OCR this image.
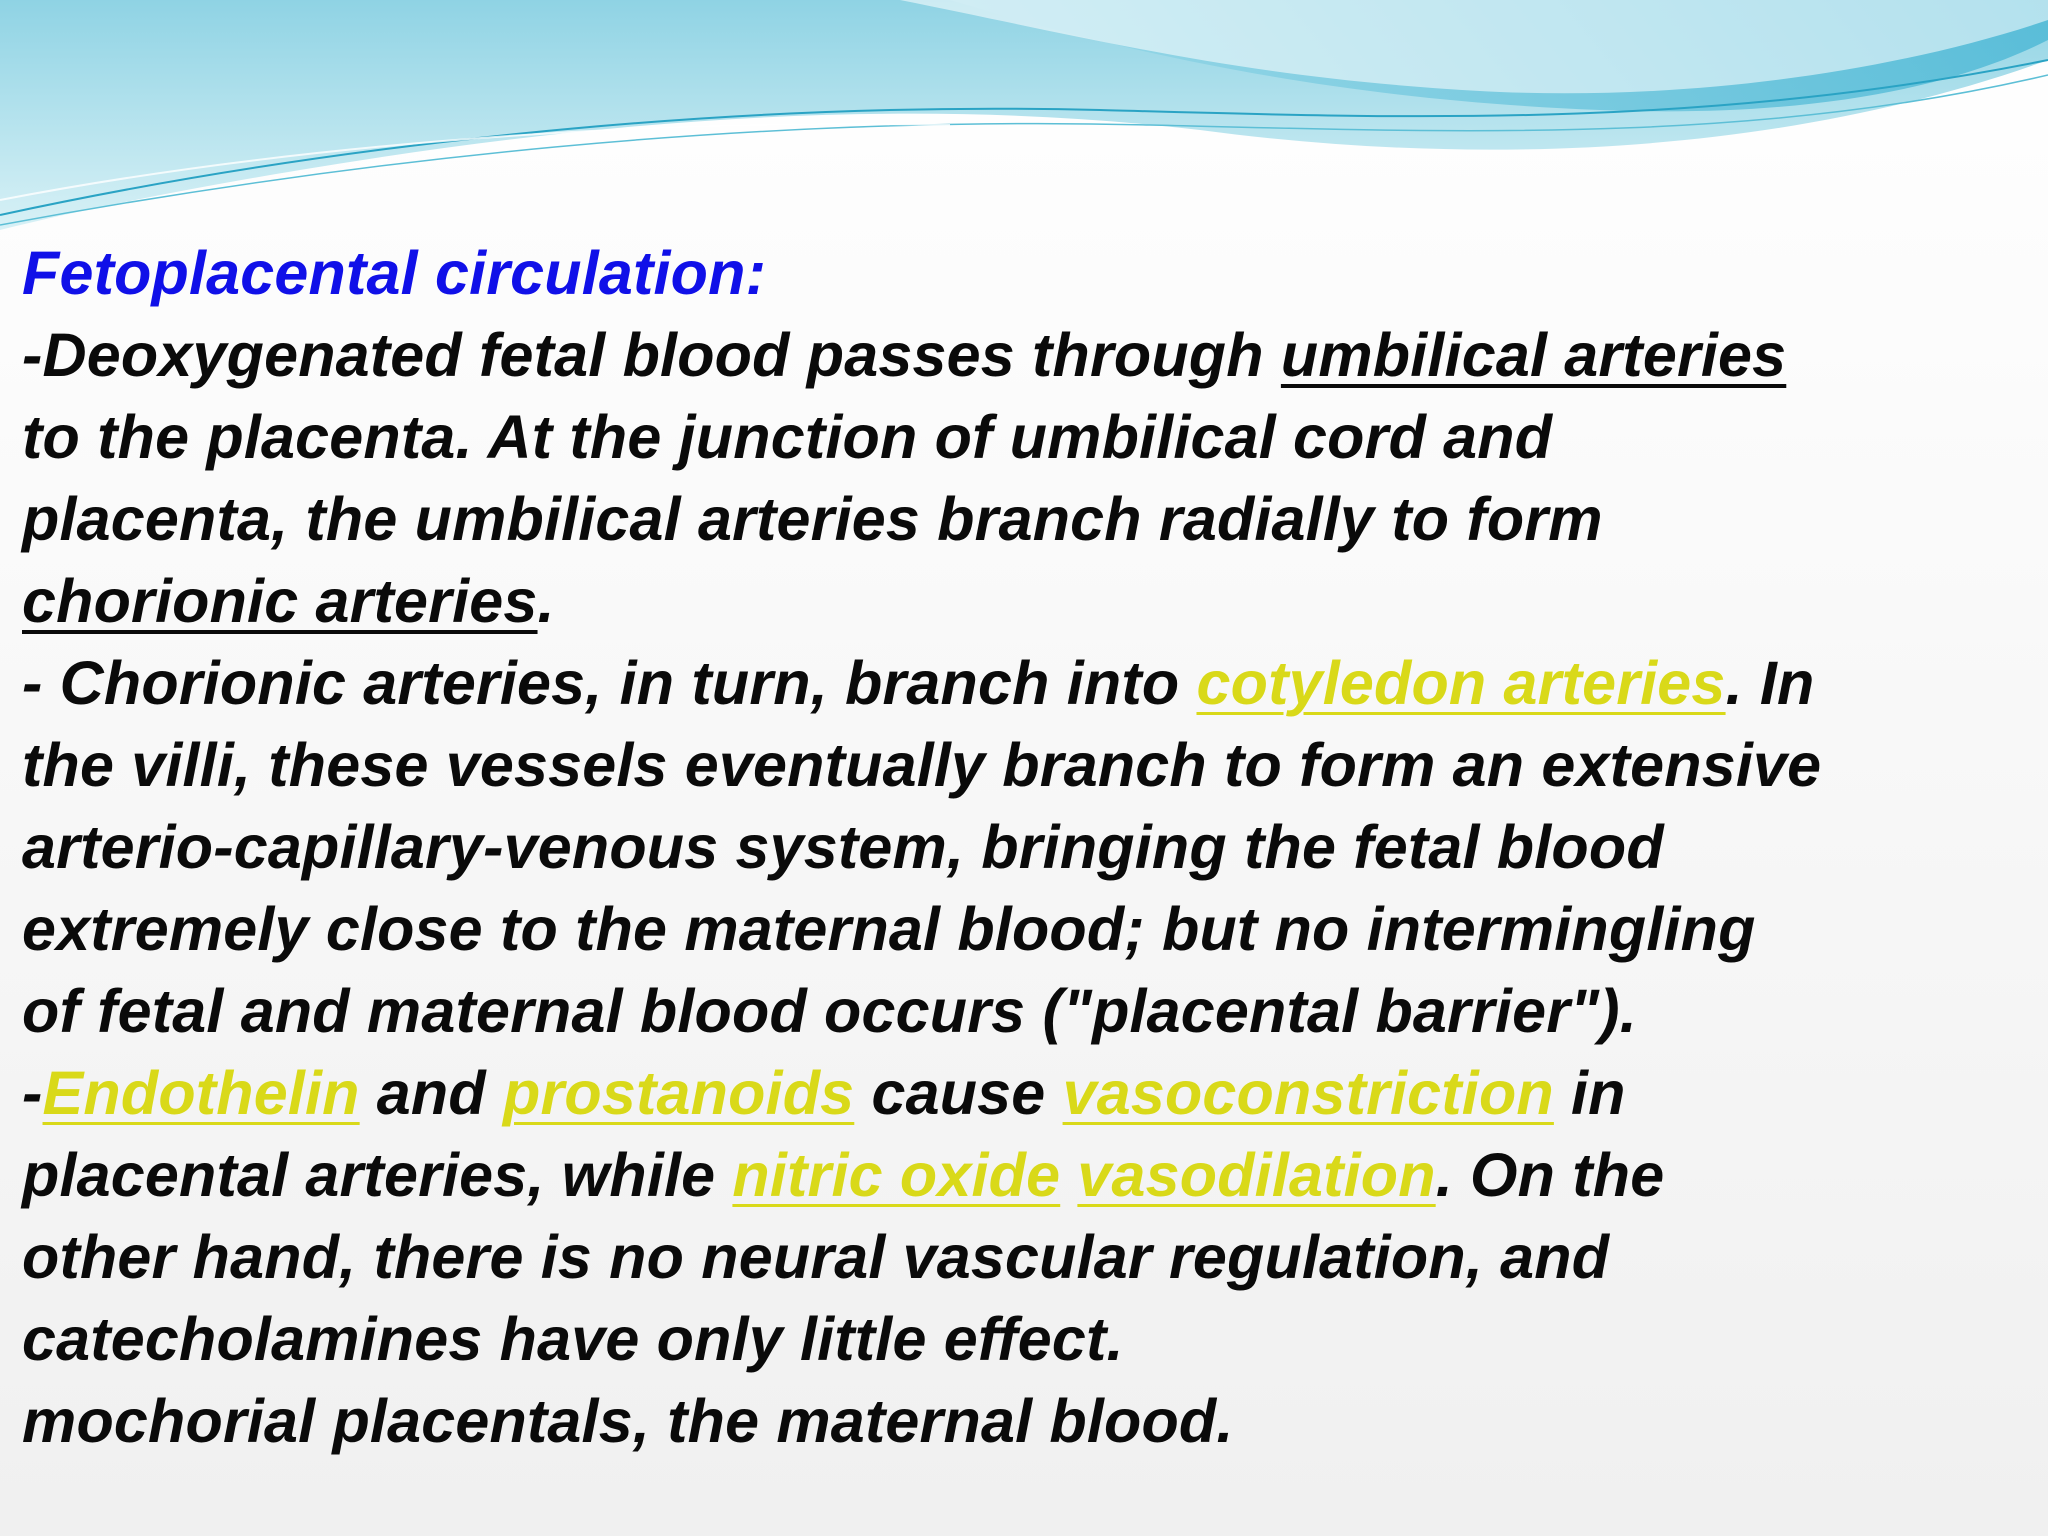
Fetoplacental circulation:
-Deoxygenated fetal blood passes through umbilical arteries
to the placenta. At the junction of umbilical cord and
placenta, the umbilical arteries branch radially to form
chorionic arteries.
- Chorionic arteries, in turn, branch into cotyledon arteries. In
the villi, these vessels eventually branch to form an extensive
arterio-capillary-venous system, bringing the fetal blood
extremely close to the maternal blood; but no intermingling
of fetal and maternal blood occurs ("placental barrier").
-Endothelin and prostanoids cause vasoconstriction in
placental arteries, while nitric oxide vasodilation. On the
other hand, there is no neural vascular regulation, and
catecholamines have only little effect.
mochorial placentals, the maternal blood.
